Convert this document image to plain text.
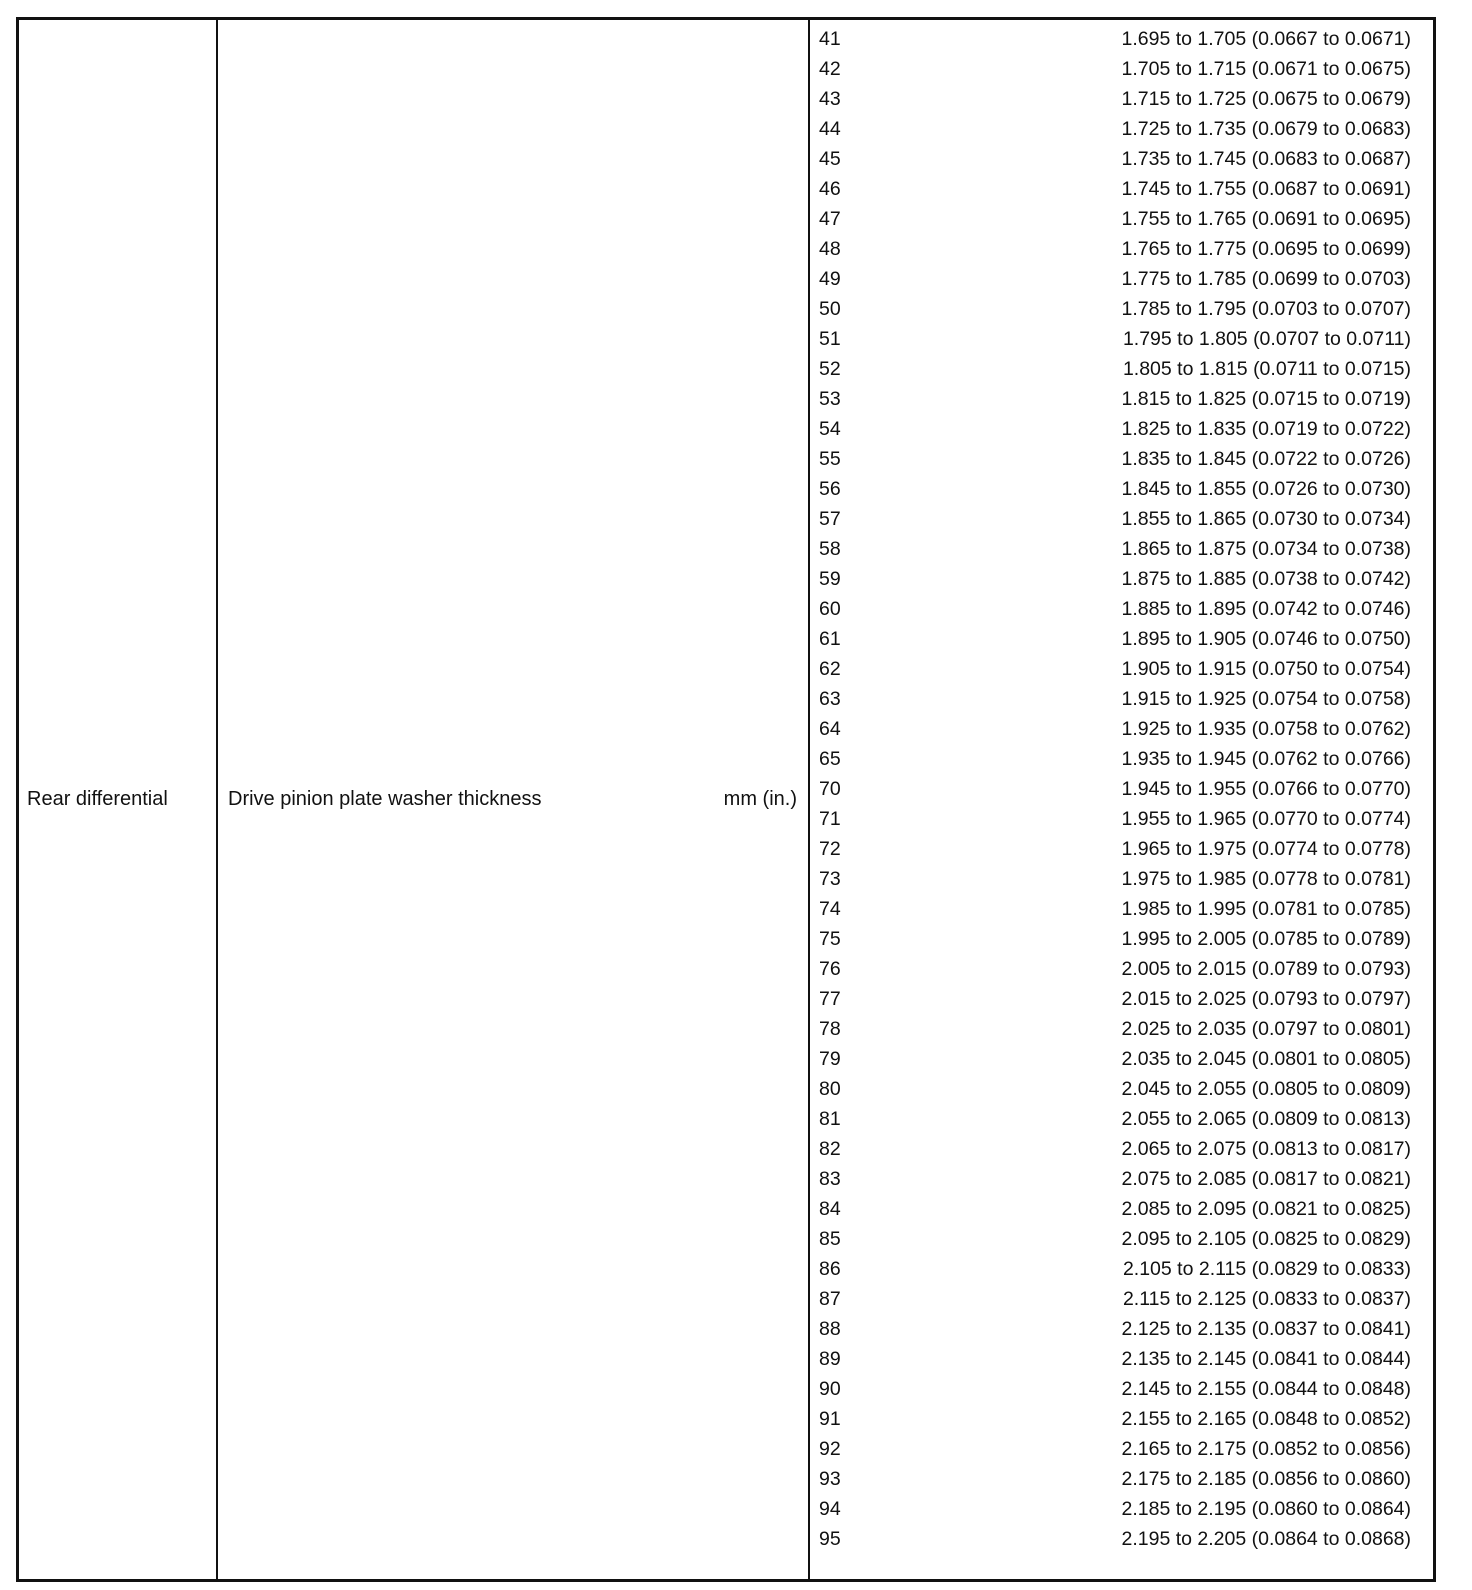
Rear differential	Drive pinion plate washer thickness	mm (in.)
41	1.695 to 1.705 (0.0667 to 0.0671)
42	1.705 to 1.715 (0.0671 to 0.0675)
43	1.715 to 1.725 (0.0675 to 0.0679)
44	1.725 to 1.735 (0.0679 to 0.0683)
45	1.735 to 1.745 (0.0683 to 0.0687)
46	1.745 to 1.755 (0.0687 to 0.0691)
47	1.755 to 1.765 (0.0691 to 0.0695)
48	1.765 to 1.775 (0.0695 to 0.0699)
49	1.775 to 1.785 (0.0699 to 0.0703)
50	1.785 to 1.795 (0.0703 to 0.0707)
51	1.795 to 1.805 (0.0707 to 0.0711)
52	1.805 to 1.815 (0.0711 to 0.0715)
53	1.815 to 1.825 (0.0715 to 0.0719)
54	1.825 to 1.835 (0.0719 to 0.0722)
55	1.835 to 1.845 (0.0722 to 0.0726)
56	1.845 to 1.855 (0.0726 to 0.0730)
57	1.855 to 1.865 (0.0730 to 0.0734)
58	1.865 to 1.875 (0.0734 to 0.0738)
59	1.875 to 1.885 (0.0738 to 0.0742)
60	1.885 to 1.895 (0.0742 to 0.0746)
61	1.895 to 1.905 (0.0746 to 0.0750)
62	1.905 to 1.915 (0.0750 to 0.0754)
63	1.915 to 1.925 (0.0754 to 0.0758)
64	1.925 to 1.935 (0.0758 to 0.0762)
65	1.935 to 1.945 (0.0762 to 0.0766)
70	1.945 to 1.955 (0.0766 to 0.0770)
71	1.955 to 1.965 (0.0770 to 0.0774)
72	1.965 to 1.975 (0.0774 to 0.0778)
73	1.975 to 1.985 (0.0778 to 0.0781)
74	1.985 to 1.995 (0.0781 to 0.0785)
75	1.995 to 2.005 (0.0785 to 0.0789)
76	2.005 to 2.015 (0.0789 to 0.0793)
77	2.015 to 2.025 (0.0793 to 0.0797)
78	2.025 to 2.035 (0.0797 to 0.0801)
79	2.035 to 2.045 (0.0801 to 0.0805)
80	2.045 to 2.055 (0.0805 to 0.0809)
81	2.055 to 2.065 (0.0809 to 0.0813)
82	2.065 to 2.075 (0.0813 to 0.0817)
83	2.075 to 2.085 (0.0817 to 0.0821)
84	2.085 to 2.095 (0.0821 to 0.0825)
85	2.095 to 2.105 (0.0825 to 0.0829)
86	2.105 to 2.115 (0.0829 to 0.0833)
87	2.115 to 2.125 (0.0833 to 0.0837)
88	2.125 to 2.135 (0.0837 to 0.0841)
89	2.135 to 2.145 (0.0841 to 0.0844)
90	2.145 to 2.155 (0.0844 to 0.0848)
91	2.155 to 2.165 (0.0848 to 0.0852)
92	2.165 to 2.175 (0.0852 to 0.0856)
93	2.175 to 2.185 (0.0856 to 0.0860)
94	2.185 to 2.195 (0.0860 to 0.0864)
95	2.195 to 2.205 (0.0864 to 0.0868)
